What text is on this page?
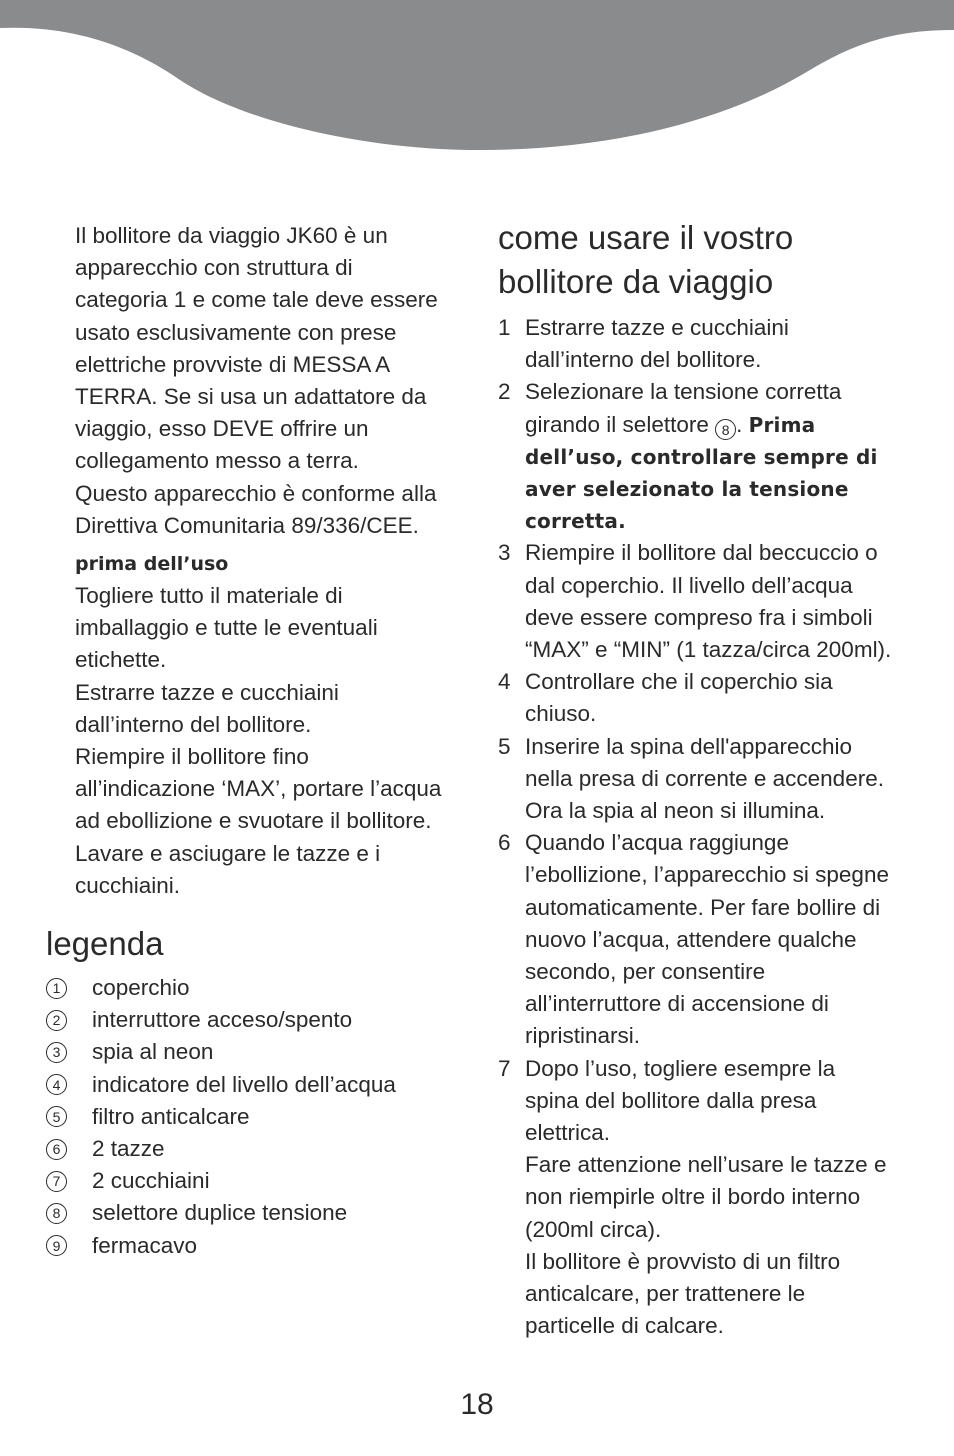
Il bollitore da viaggio JK60 è un
apparecchio con struttura di
categoria 1 e come tale deve essere
usato esclusivamente con prese
elettriche provviste di MESSA A
TERRA. Se si usa un adattatore da
viaggio, esso DEVE offrire un
collegamento messo a terra.
Questo apparecchio è conforme alla
Direttiva Comunitaria 89/336/CEE.

prima dell’uso

Togliere tutto il materiale di
imballaggio e tutte le eventuali
etichette.
Estrarre tazze e cucchiaini
dall’interno del bollitore.
Riempire il bollitore fino
all’indicazione ‘MAX’, portare l’acqua
ad ebollizione e svuotare il bollitore.
Lavare e asciugare le tazze e i
cucchiaini.

legenda
1 coperchio
2 interruttore acceso/spento
3 spia al neon
4 indicatore del livello dell’acqua
5 filtro anticalcare
6 2 tazze
7 2 cucchiaini
8 selettore duplice tensione
9 fermacavo
come usare il vostro
bollitore da viaggio
1 Estrarre tazze e cucchiaini
dall’interno del bollitore.
2 Selezionare la tensione corretta
girando il selettore 8 . Prima
dell’uso, controllare sempre di
aver selezionato la tensione
corretta.
3 Riempire il bollitore dal beccuccio o
dal coperchio. Il livello dell’acqua
deve essere compreso fra i simboli
“MAX” e “MIN” (1 tazza/circa 200ml).
4 Controllare che il coperchio sia
chiuso.
5 Inserire la spina dell'apparecchio
nella presa di corrente e accendere.
Ora la spia al neon si illumina.
6 Quando l’acqua raggiunge
l’ebollizione, l’apparecchio si spegne
automaticamente. Per fare bollire di
nuovo l’acqua, attendere qualche
secondo, per consentire
all’interruttore di accensione di
ripristinarsi.
7 Dopo l’uso, togliere esempre la
spina del bollitore dalla presa
elettrica.
Fare attenzione nell’usare le tazze e
non riempirle oltre il bordo interno
(200ml circa).
Il bollitore è provvisto di un filtro
anticalcare, per trattenere le
particelle di calcare.
18
